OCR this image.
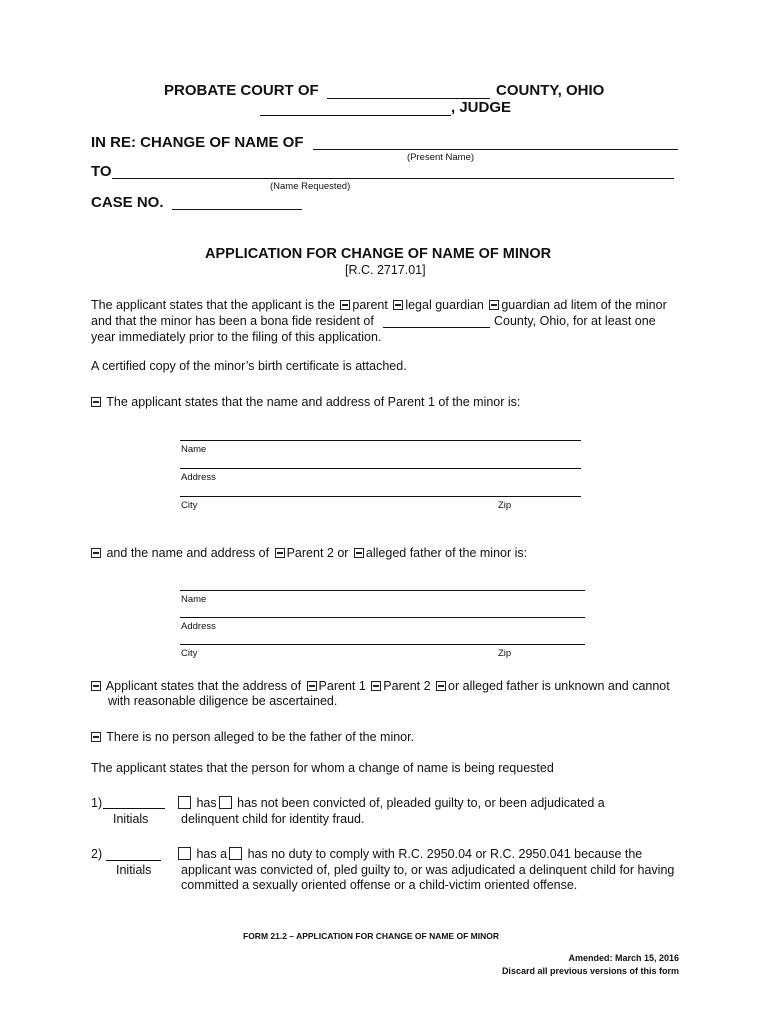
PROBATE COURT OF	COUNTY, OHIO
, JUDGE
IN RE: CHANGE OF NAME OF
(Present Name)
TO
(Name Requested)
CASE NO.
APPLICATION FOR CHANGE OF NAME OF MINOR
[R.C. 2717.01]
The applicant states that the applicant is the parent legal guardian guardian ad litem of the minor
and that the minor has been a bona fide resident of	County, Ohio, for at least one
year immediately prior to the filing of this application.
A certified copy of the minor’s birth certificate is attached.
The applicant states that the name and address of Parent 1 of the minor is:
Name
Address
City	Zip
and the name and address of Parent 2 or alleged father of the minor is:
Name
Address
City	Zip
Applicant states that the address of Parent 1 Parent 2 or alleged father is unknown and cannot
with reasonable diligence be ascertained.
There is no person alleged to be the father of the minor.
The applicant states that the person for whom a change of name is being requested
1)
Initials
has has not been convicted of, pleaded guilty to, or been adjudicated a
delinquent child for identity fraud.
2)
Initials
has a has no duty to comply with R.C. 2950.04 or R.C. 2950.041 because the
applicant was convicted of, pled guilty to, or was adjudicated a delinquent child for having
committed a sexually oriented offense or a child-victim oriented offense.
FORM 21.2 – APPLICATION FOR CHANGE OF NAME OF MINOR
Amended: March 15, 2016
Discard all previous versions of this form
